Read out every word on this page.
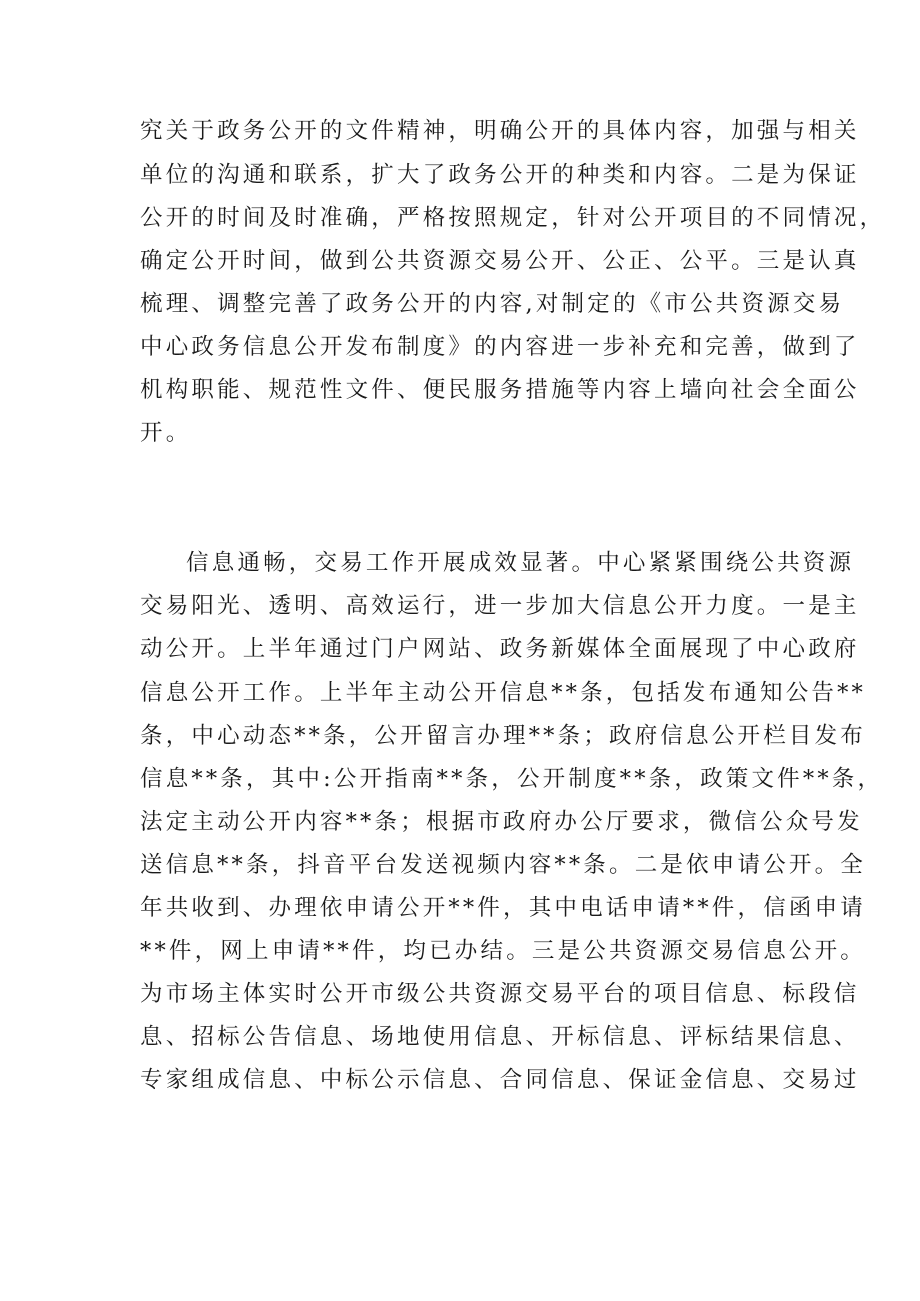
究关于政务公开的文件精神，明确公开的具体内容，加强与相关
单位的沟通和联系，扩大了政务公开的种类和内容。二是为保证
公开的时间及时准确，严格按照规定，针对公开项目的不同情况，
确定公开时间，做到公共资源交易公开、公正、公平。三是认真
梳理、调整完善了政务公开的内容,对制定的《市公共资源交易
中心政务信息公开发布制度》的内容进一步补充和完善，做到了
机构职能、规范性文件、便民服务措施等内容上墙向社会全面公
开。
信息通畅，交易工作开展成效显著。中心紧紧围绕公共资源
交易阳光、透明、高效运行，进一步加大信息公开力度。一是主
动公开。上半年通过门户网站、政务新媒体全面展现了中心政府
信息公开工作。上半年主动公开信息**条，包括发布通知公告**
条，中心动态**条，公开留言办理**条；政府信息公开栏目发布
信息**条，其中:公开指南**条，公开制度**条，政策文件**条，
法定主动公开内容**条；根据市政府办公厅要求，微信公众号发
送信息**条，抖音平台发送视频内容**条。二是依申请公开。全
年共收到、办理依申请公开**件，其中电话申请**件，信函申请
**件，网上申请**件，均已办结。三是公共资源交易信息公开。
为市场主体实时公开市级公共资源交易平台的项目信息、标段信
息、招标公告信息、场地使用信息、开标信息、评标结果信息、
专家组成信息、中标公示信息、合同信息、保证金信息、交易过
